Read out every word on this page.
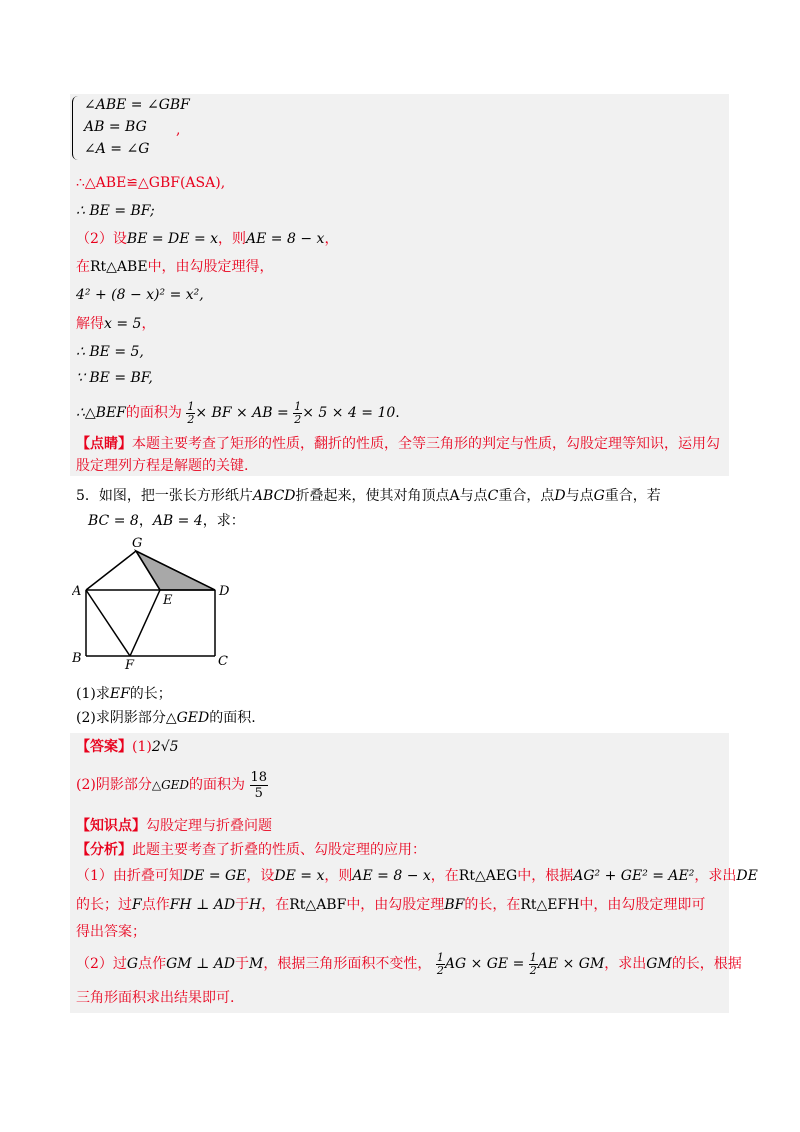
∠ABE = ∠GBF
AB = BG
∠A = ∠G
,
∴△ABE≌△GBF(ASA),
∴ BE = BF;
（2）设BE = DE = x，则AE = 8 − x，
在Rt△ABE中，由勾股定理得，
4² + (8 − x)² = x²,
解得x = 5，
∴ BE = 5,
∵ BE = BF,
∴△BEF的面积为 $\frac{1}{2}$ × BF × AB = $\frac{1}{2} \times 5 \times 4 = 10$.
【点睛】本题主要考查了矩形的性质，翻折的性质，全等三角形的判定与性质，勾股定理等知识，运用勾
股定理列方程是解题的关键.
5．如图，把一张长方形纸片ABCD折叠起来，使其对角顶点A与点C重合，点D与点G重合，若
BC = 8，AB = 4，求：
G
A
E
D
B	F	C
(1)求EF的长；
(2)求阴影部分△GED的面积.
【答案】(1)2√5
(2)阴影部分△GED的面积为 $\frac{18}{5}$
【知识点】勾股定理与折叠问题
【分析】此题主要考查了折叠的性质、勾股定理的应用：
（1）由折叠可知DE = GE，设DE = x，则AE = 8 − x，在Rt△AEG中，根据AG² + GE² = AE²，求出DE
的长；过F点作FH ⊥ AD于H，在Rt△ABF中，由勾股定理BF的长，在Rt△EFH中，由勾股定理即可
得出答案；
（2）过G点作GM ⊥ AD于M，根据三角形面积不变性， $\frac{1}{2}$ AG × GE = $\frac{1}{2}$ AE × GM，求出GM的长，根据
三角形面积求出结果即可.
